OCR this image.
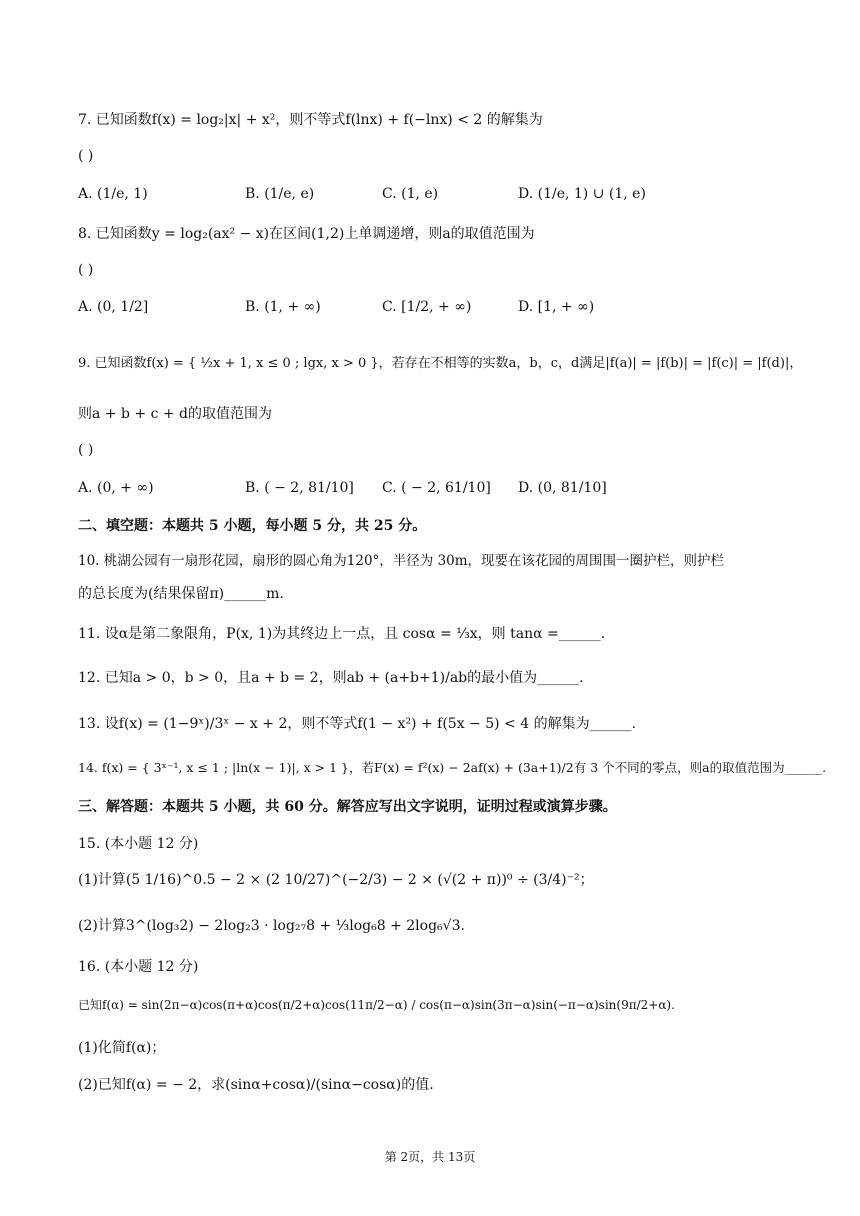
7. 已知函数f(x) = log₂|x| + x²，则不等式f(lnx) + f(−lnx) < 2 的解集为
( )
A. (1/e, 1)	B. (1/e, e)	C. (1, e)	D. (1/e, 1) ∪ (1, e)
8. 已知函数y = log₂(ax² − x)在区间(1,2)上单调递增，则a的取值范围为
( )
A. (0, 1/2]	B. (1, + ∞)	C. [1/2, + ∞)	D. [1, + ∞)
9. 已知函数f(x) = { ½x + 1, x ≤ 0 ; lgx, x > 0 }，若存在不相等的实数a，b，c，d满足|f(a)| = |f(b)| = |f(c)| = |f(d)|，
则a + b + c + d的取值范围为
( )
A. (0, + ∞)	B. ( − 2, 81/10] C. ( − 2, 61/10] D. (0, 81/10]
二、填空题：本题共 5 小题，每小题 5 分，共 25 分。
10. 桃湖公园有一扇形花园，扇形的圆心角为120°，半径为 30m，现要在该花园的周围围一圈护栏，则护栏
的总长度为(结果保留π)______m.
11. 设α是第二象限角，P(x, 1)为其终边上一点，且 cosα = ⅓x，则 tanα =______.
12. 已知a > 0，b > 0，且a + b = 2，则ab + (a+b+1)/ab的最小值为______.
13. 设f(x) = (1−9ˣ)/3ˣ − x + 2，则不等式f(1 − x²) + f(5x − 5) < 4 的解集为______.
14. f(x) = { 3ˣ⁻¹, x ≤ 1 ; |ln(x − 1)|, x > 1 }，若F(x) = f²(x) − 2af(x) + (3a+1)/2有 3 个不同的零点，则a的取值范围为______.
三、解答题：本题共 5 小题，共 60 分。解答应写出文字说明，证明过程或演算步骤。
15. (本小题 12 分)
(1)计算(5 1/16)^0.5 − 2 × (2 10/27)^(−2/3) − 2 × (√(2 + π))⁰ ÷ (3/4)⁻²；
(2)计算3^(log₃2) − 2log₂3 · log₂₇8 + ⅓log₆8 + 2log₆√3.
16. (本小题 12 分)
已知f(α) = sin(2π−α)cos(π+α)cos(π/2+α)cos(11π/2−α) / cos(π−α)sin(3π−α)sin(−π−α)sin(9π/2+α).
(1)化简f(α)；
(2)已知f(α) = − 2，求(sinα+cosα)/(sinα−cosα)的值.
第 2页，共 13页
